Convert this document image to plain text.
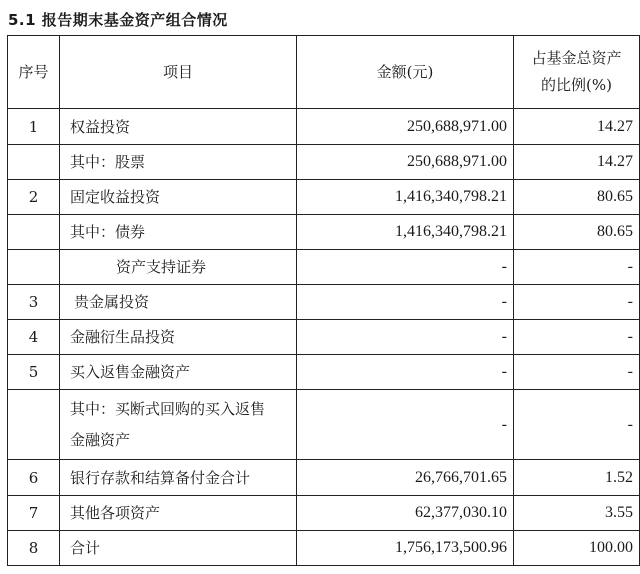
5.1 报告期末基金资产组合情况
序号	项目	金额(元)	占基金总资产
的比例(%)

1	权益投资	250,688,971.00	14.27
	其中：股票	250,688,971.00	14.27
2	固定收益投资	1,416,340,798.21	80.65
	其中：债券	1,416,340,798.21	80.65
	资产支持证券	-	-
3	贵金属投资	-	-
4	金融衍生品投资	-	-
5	买入返售金融资产	-	-

	其中：买断式回购的买入返售
金融资产	-	-
6	银行存款和结算备付金合计	26,766,701.65	1.52
7	其他各项资产	62,377,030.10	3.55
8	合计	1,756,173,500.96	100.00
